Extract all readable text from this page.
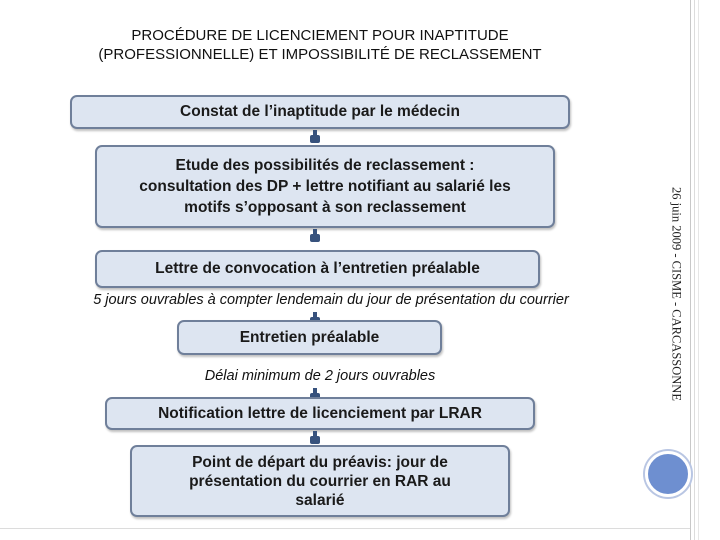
PROCÉDURE DE LICENCIEMENT POUR INAPTITUDE
(PROFESSIONNELLE) ET IMPOSSIBILITÉ DE RECLASSEMENT
Constat de l’inaptitude par le médecin
Etude des possibilités de reclassement :
consultation des DP + lettre notifiant au salarié les
motifs s’opposant à son reclassement
Lettre de convocation à l’entretien préalable
5 jours ouvrables à compter lendemain du jour de présentation du courrier
Entretien préalable
Délai minimum de 2 jours ouvrables
Notification lettre de licenciement par LRAR
Point de départ du préavis: jour de
présentation du courrier en RAR au
salarié
26 juin 2009 - CISME - CARCASSONNE
